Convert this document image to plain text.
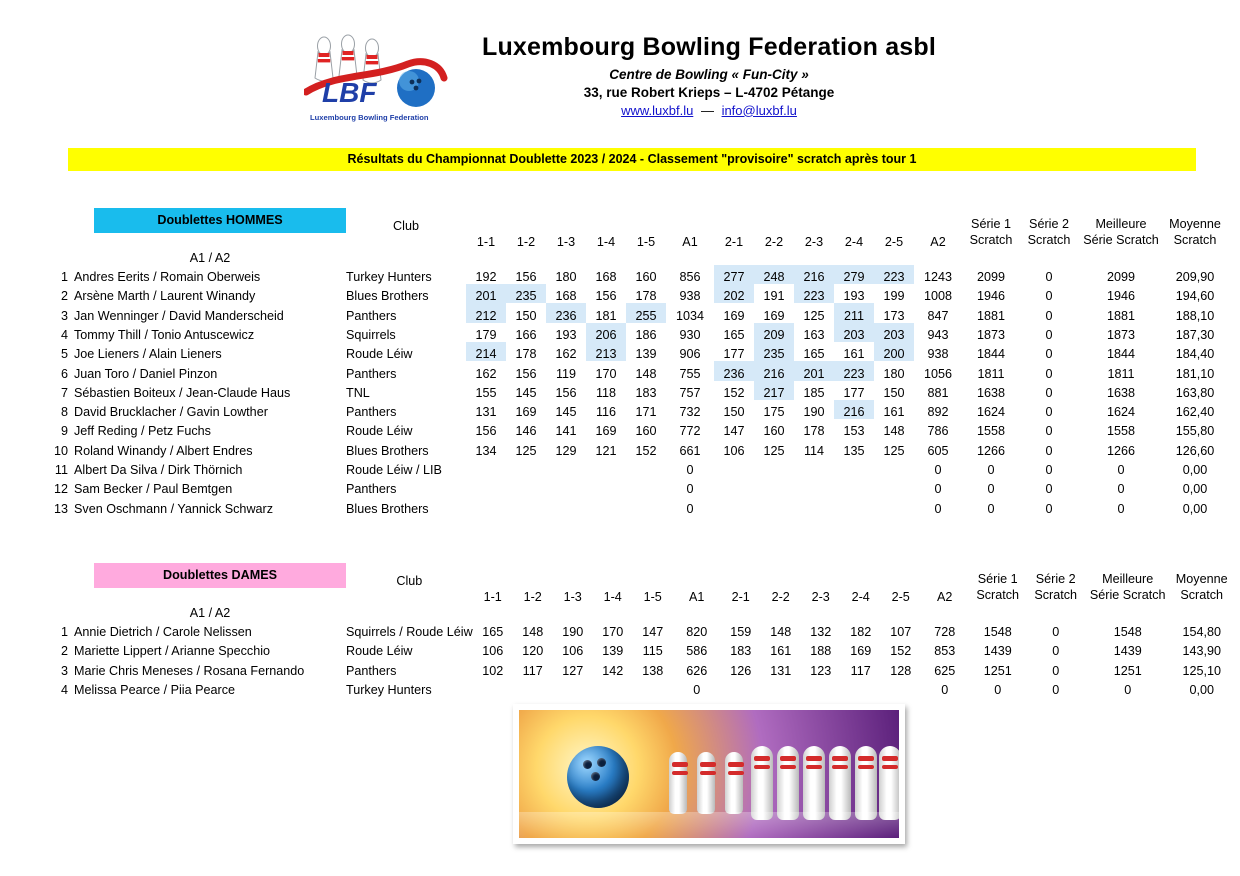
LBF
Luxembourg Bowling Federation
Luxembourg Bowling Federation asbl
Centre de Bowling « Fun-City »
33, rue Robert Krieps – L-4702 Pétange
www.luxbf.lu — info@luxbf.lu
Résultats du Championnat Doublette 2023 / 2024 - Classement "provisoire" scratch après tour 1

	Doublettes HOMMES	Club													Série 1	Série 2	Meilleure	Moyenne
			1-1	1-2	1-3	1-4	1-5	A1	2-1	2-2	2-3	2-4	2-5	A2	Scratch	Scratch	Série Scratch	Scratch
	A1 / A2																	
1	Andres Eerits / Romain Oberweis	Turkey Hunters	192	156	180	168	160	856	277	248	216	279	223	1243	2099	0	2099	209,90
2	Arsène Marth / Laurent Winandy	Blues Brothers	201	235	168	156	178	938	202	191	223	193	199	1008	1946	0	1946	194,60
3	Jan Wenninger / David Manderscheid	Panthers	212	150	236	181	255	1034	169	169	125	211	173	847	1881	0	1881	188,10
4	Tommy Thill / Tonio Antuscewicz	Squirrels	179	166	193	206	186	930	165	209	163	203	203	943	1873	0	1873	187,30
5	Joe Lieners / Alain Lieners	Roude Léiw	214	178	162	213	139	906	177	235	165	161	200	938	1844	0	1844	184,40
6	Juan Toro / Daniel Pinzon	Panthers	162	156	119	170	148	755	236	216	201	223	180	1056	1811	0	1811	181,10
7	Sébastien Boiteux / Jean-Claude Haus	TNL	155	145	156	118	183	757	152	217	185	177	150	881	1638	0	1638	163,80
8	David Brucklacher / Gavin Lowther	Panthers	131	169	145	116	171	732	150	175	190	216	161	892	1624	0	1624	162,40
9	Jeff Reding / Petz Fuchs	Roude Léiw	156	146	141	169	160	772	147	160	178	153	148	786	1558	0	1558	155,80
10	Roland Winandy / Albert Endres	Blues Brothers	134	125	129	121	152	661	106	125	114	135	125	605	1266	0	1266	126,60
11	Albert Da Silva / Dirk Thörnich	Roude Léiw / LIB						0						0	0	0	0	0,00
12	Sam Becker / Paul Bemtgen	Panthers						0						0	0	0	0	0,00
13	Sven Oschmann / Yannick Schwarz	Blues Brothers						0						0	0	0	0	0,00

	Doublettes DAMES	Club													Série 1	Série 2	Meilleure	Moyenne
			1-1	1-2	1-3	1-4	1-5	A1	2-1	2-2	2-3	2-4	2-5	A2	Scratch	Scratch	Série Scratch	Scratch
	A1 / A2																	
1	Annie Dietrich / Carole Nelissen	Squirrels / Roude Léiw	165	148	190	170	147	820	159	148	132	182	107	728	1548	0	1548	154,80
2	Mariette Lippert / Arianne Specchio	Roude Léiw	106	120	106	139	115	586	183	161	188	169	152	853	1439	0	1439	143,90
3	Marie Chris Meneses / Rosana Fernando	Panthers	102	117	127	142	138	626	126	131	123	117	128	625	1251	0	1251	125,10
4	Melissa Pearce / Piia Pearce	Turkey Hunters						0						0	0	0	0	0,00
